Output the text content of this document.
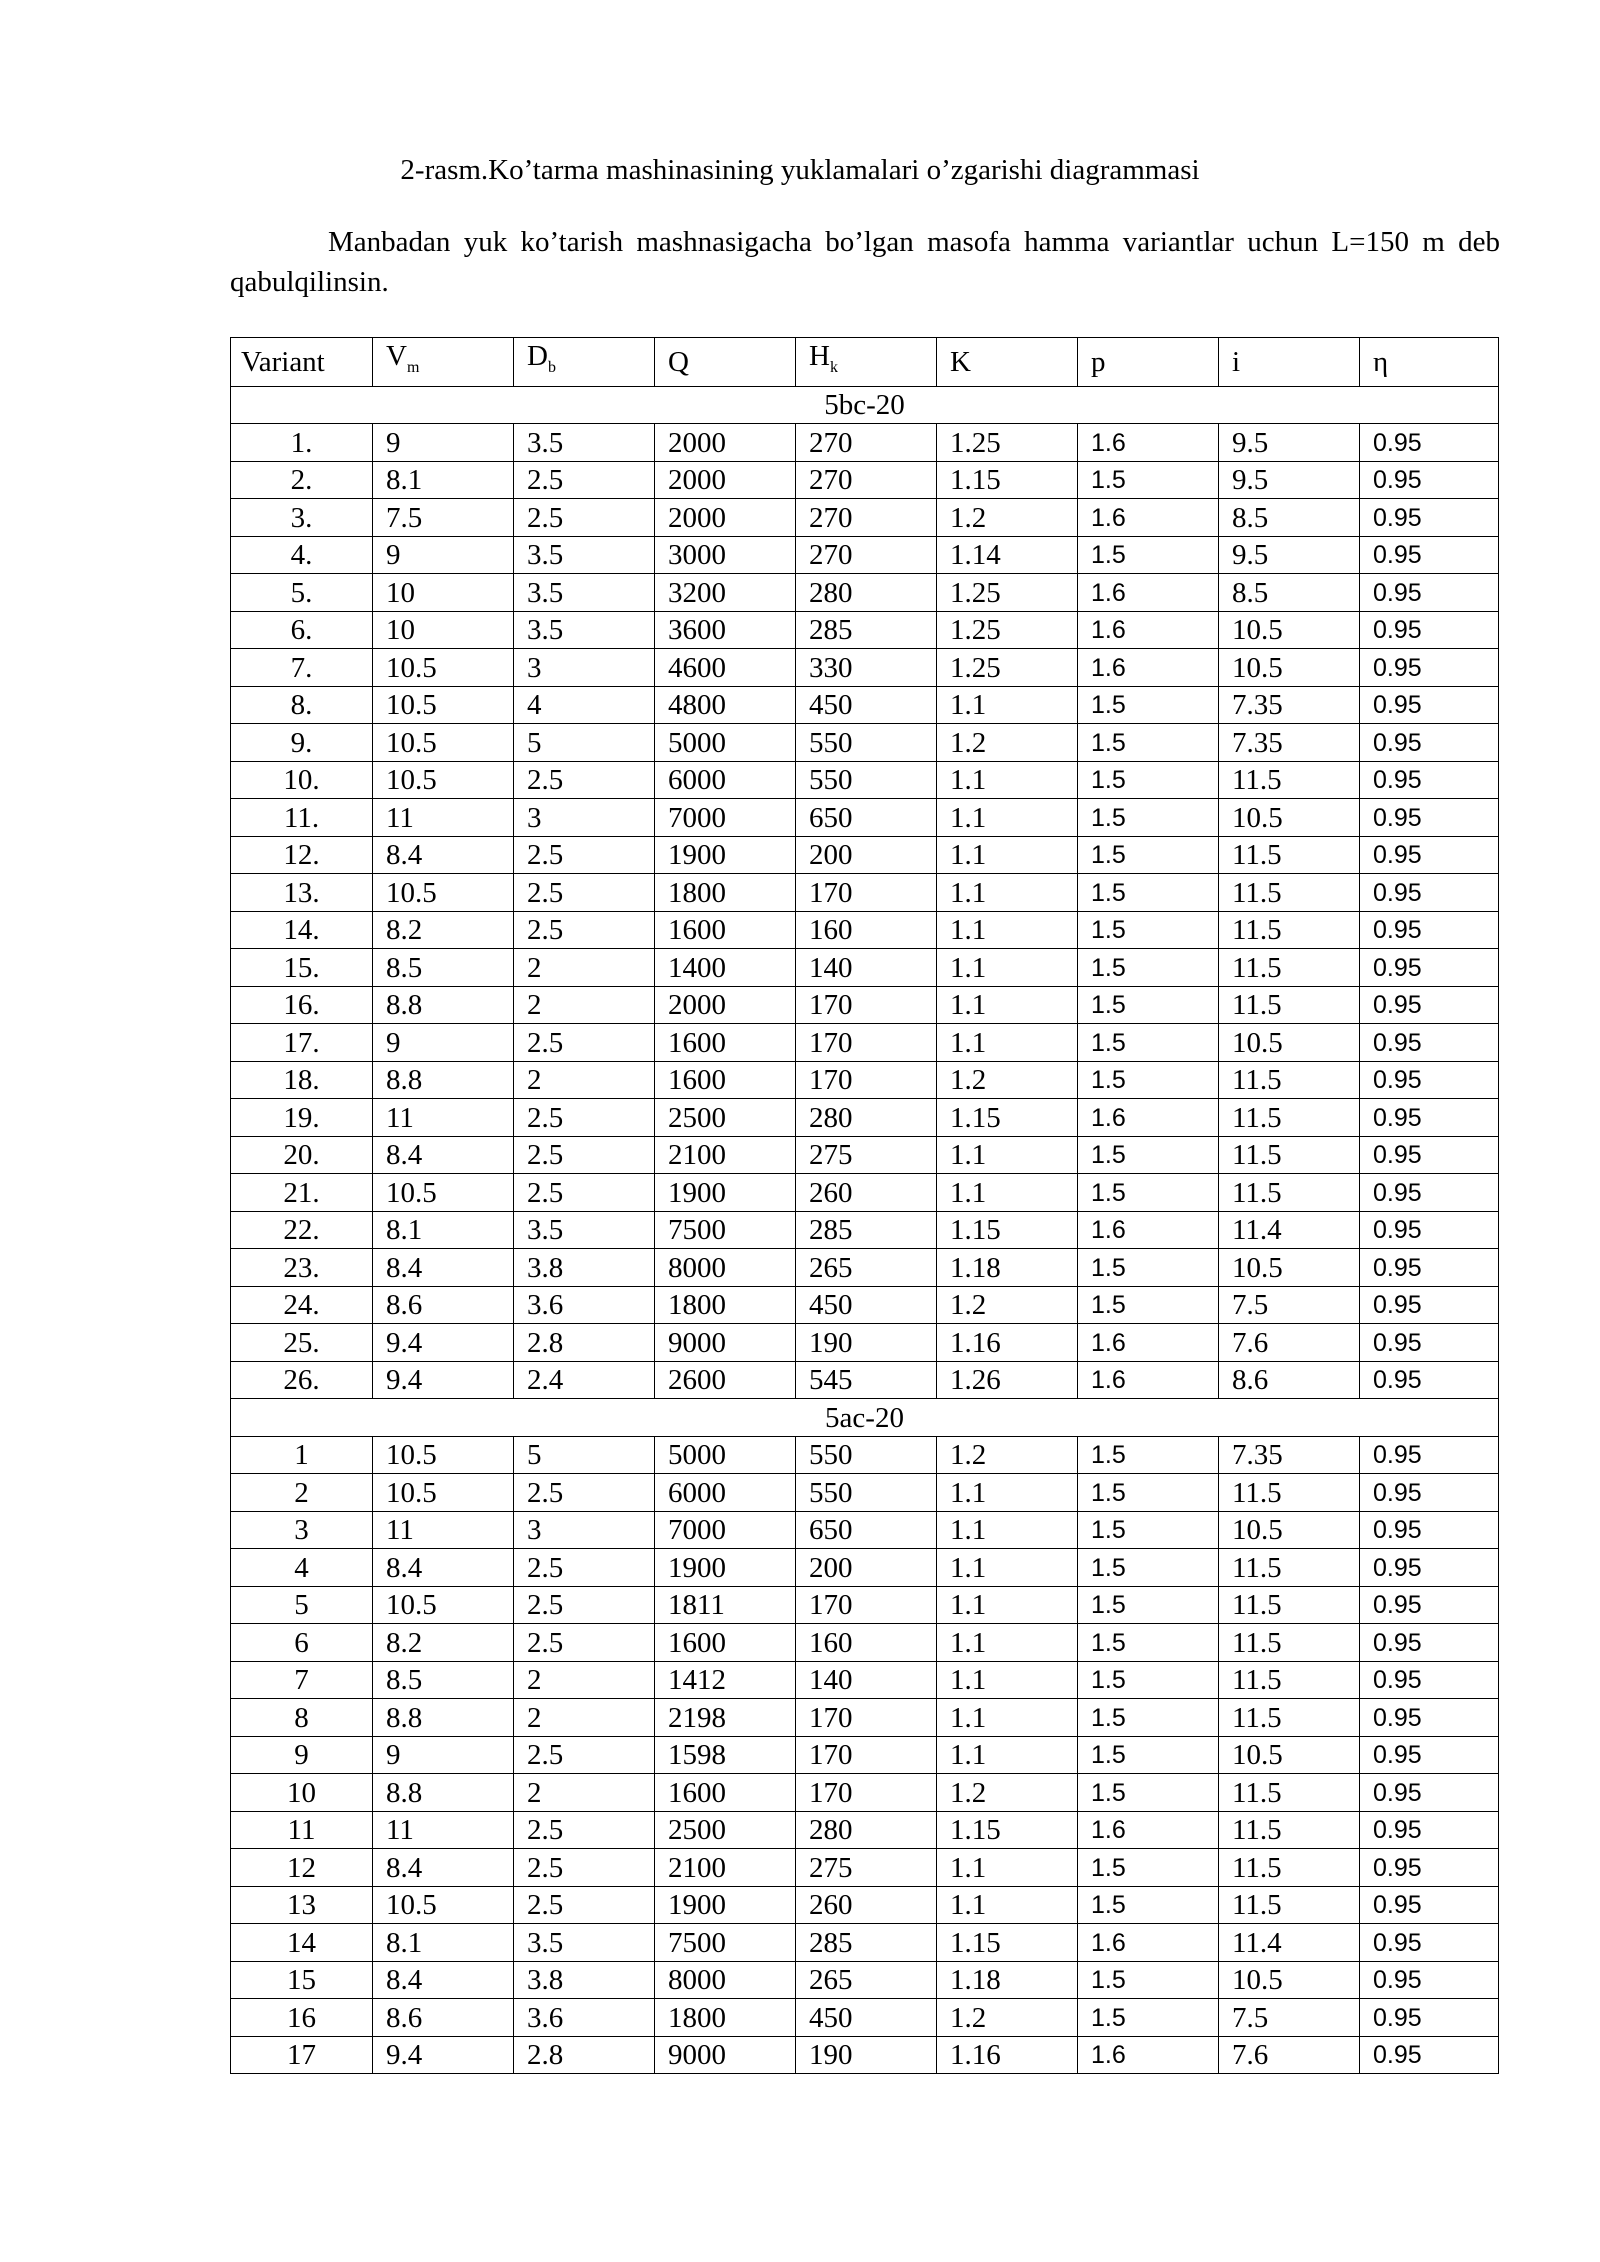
2-rasm.Ko’tarma mashinasining yuklamalari o’zgarishi diagrammasi
Manbadan yuk ko’tarish mashnasigacha bo’lgan masofa hamma variantlar uchun L=150 m deb qabulqilinsin.
Variant	$V_m$	$D_b$	Q	$H_k$	K	p	i	η
5bc-20								
1.	9	3.5	2000	270	1.25	1.6	9.5	0.95
2.	8.1	2.5	2000	270	1.15	1.5	9.5	0.95
3.	7.5	2.5	2000	270	1.2	1.6	8.5	0.95
4.	9	3.5	3000	270	1.14	1.5	9.5	0.95
5.	10	3.5	3200	280	1.25	1.6	8.5	0.95
6.	10	3.5	3600	285	1.25	1.6	10.5	0.95
7.	10.5	3	4600	330	1.25	1.6	10.5	0.95
8.	10.5	4	4800	450	1.1	1.5	7.35	0.95
9.	10.5	5	5000	550	1.2	1.5	7.35	0.95
10.	10.5	2.5	6000	550	1.1	1.5	11.5	0.95
11.	11	3	7000	650	1.1	1.5	10.5	0.95
12.	8.4	2.5	1900	200	1.1	1.5	11.5	0.95
13.	10.5	2.5	1800	170	1.1	1.5	11.5	0.95
14.	8.2	2.5	1600	160	1.1	1.5	11.5	0.95
15.	8.5	2	1400	140	1.1	1.5	11.5	0.95
16.	8.8	2	2000	170	1.1	1.5	11.5	0.95
17.	9	2.5	1600	170	1.1	1.5	10.5	0.95
18.	8.8	2	1600	170	1.2	1.5	11.5	0.95
19.	11	2.5	2500	280	1.15	1.6	11.5	0.95
20.	8.4	2.5	2100	275	1.1	1.5	11.5	0.95
21.	10.5	2.5	1900	260	1.1	1.5	11.5	0.95
22.	8.1	3.5	7500	285	1.15	1.6	11.4	0.95
23.	8.4	3.8	8000	265	1.18	1.5	10.5	0.95
24.	8.6	3.6	1800	450	1.2	1.5	7.5	0.95
25.	9.4	2.8	9000	190	1.16	1.6	7.6	0.95
26.	9.4	2.4	2600	545	1.26	1.6	8.6	0.95
5ac-20								
1	10.5	5	5000	550	1.2	1.5	7.35	0.95
2	10.5	2.5	6000	550	1.1	1.5	11.5	0.95
3	11	3	7000	650	1.1	1.5	10.5	0.95
4	8.4	2.5	1900	200	1.1	1.5	11.5	0.95
5	10.5	2.5	1811	170	1.1	1.5	11.5	0.95
6	8.2	2.5	1600	160	1.1	1.5	11.5	0.95
7	8.5	2	1412	140	1.1	1.5	11.5	0.95
8	8.8	2	2198	170	1.1	1.5	11.5	0.95
9	9	2.5	1598	170	1.1	1.5	10.5	0.95
10	8.8	2	1600	170	1.2	1.5	11.5	0.95
11	11	2.5	2500	280	1.15	1.6	11.5	0.95
12	8.4	2.5	2100	275	1.1	1.5	11.5	0.95
13	10.5	2.5	1900	260	1.1	1.5	11.5	0.95
14	8.1	3.5	7500	285	1.15	1.6	11.4	0.95
15	8.4	3.8	8000	265	1.18	1.5	10.5	0.95
16	8.6	3.6	1800	450	1.2	1.5	7.5	0.95
17	9.4	2.8	9000	190	1.16	1.6	7.6	0.95
